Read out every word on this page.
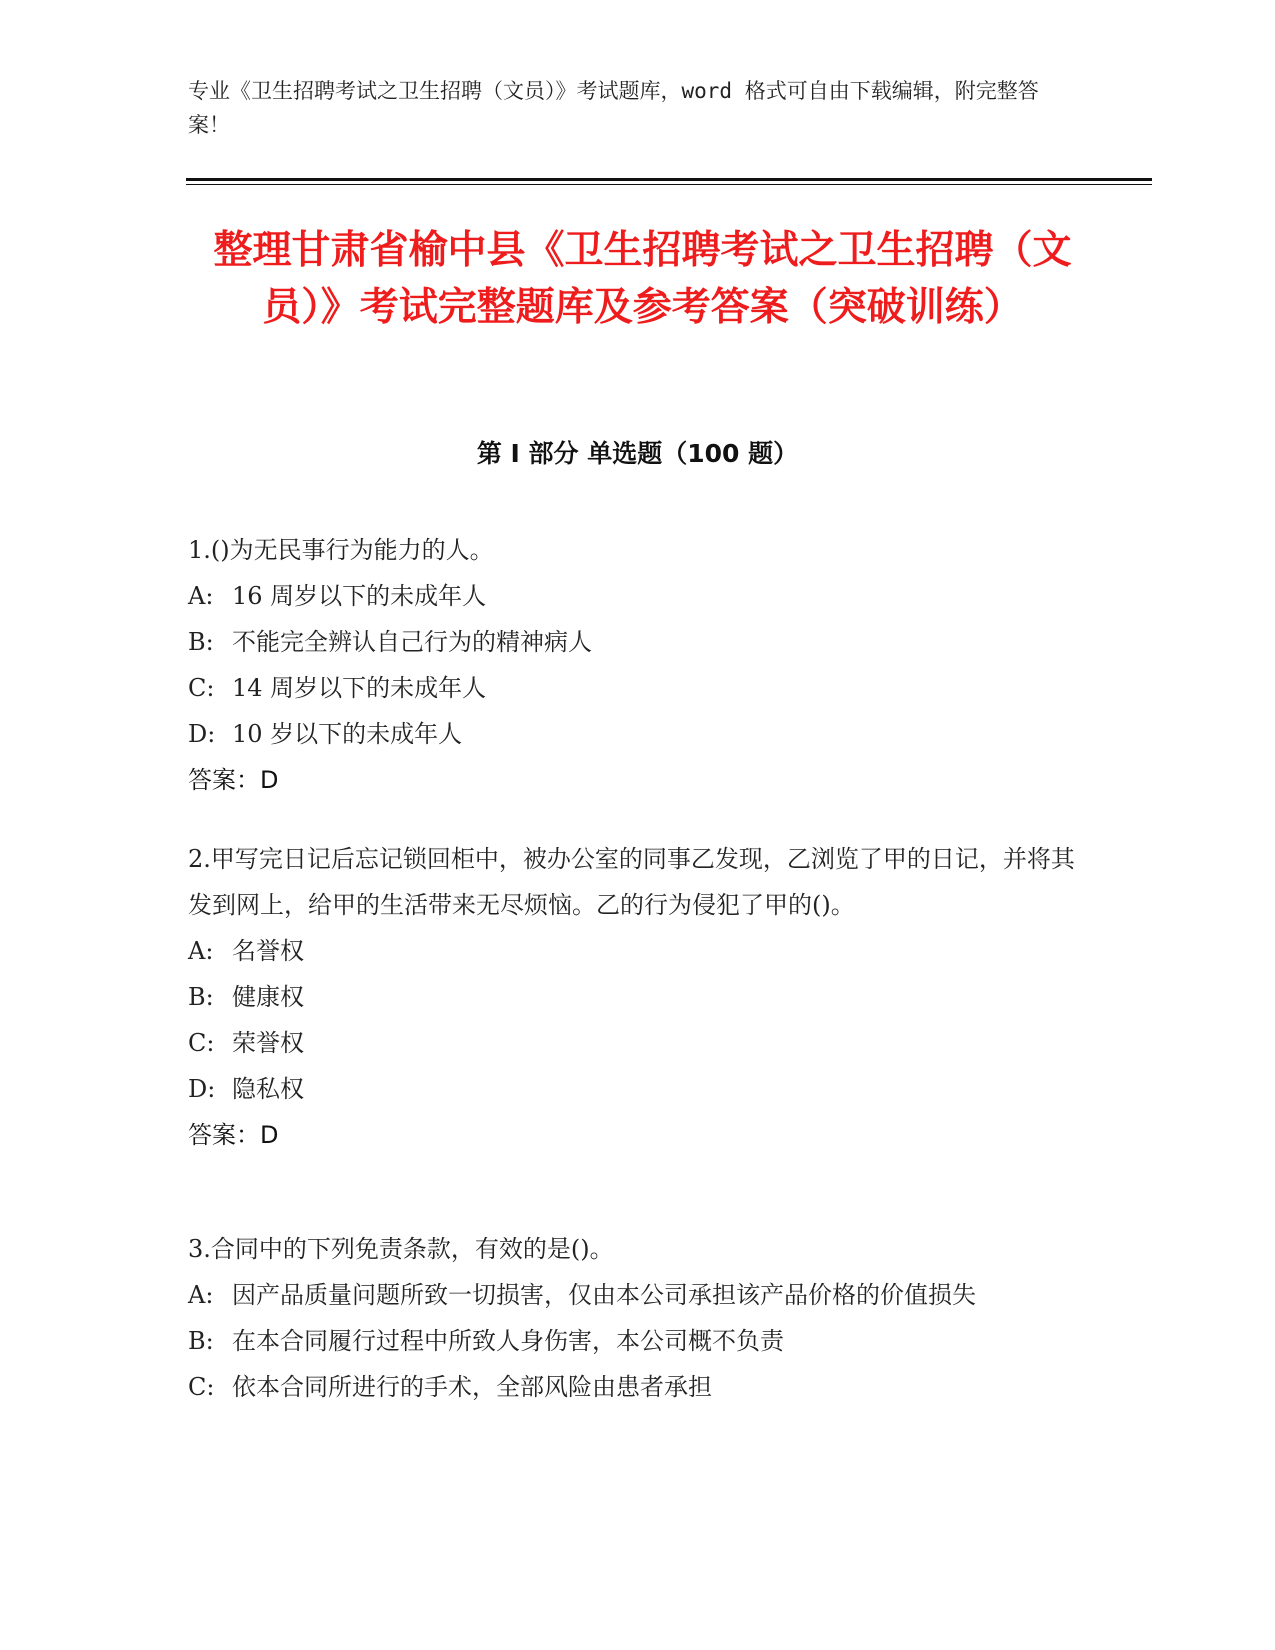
专业《卫生招聘考试之卫生招聘（文员）》考试题库，word 格式可自由下载编辑，附完整答案！
整理甘肃省榆中县《卫生招聘考试之卫生招聘（文员）》考试完整题库及参考答案（突破训练）
第 I 部分 单选题（100 题）
1.()为无民事行为能力的人。
A: 16 周岁以下的未成年人
B: 不能完全辨认自己行为的精神病人
C: 14 周岁以下的未成年人
D: 10 岁以下的未成年人
答案：D
2.甲写完日记后忘记锁回柜中，被办公室的同事乙发现，乙浏览了甲的日记，并将其发到网上，给甲的生活带来无尽烦恼。乙的行为侵犯了甲的()。
A: 名誉权
B: 健康权
C: 荣誉权
D: 隐私权
答案：D
3.合同中的下列免责条款，有效的是()。
A: 因产品质量问题所致一切损害，仅由本公司承担该产品价格的价值损失
B: 在本合同履行过程中所致人身伤害，本公司概不负责
C: 依本合同所进行的手术，全部风险由患者承担
